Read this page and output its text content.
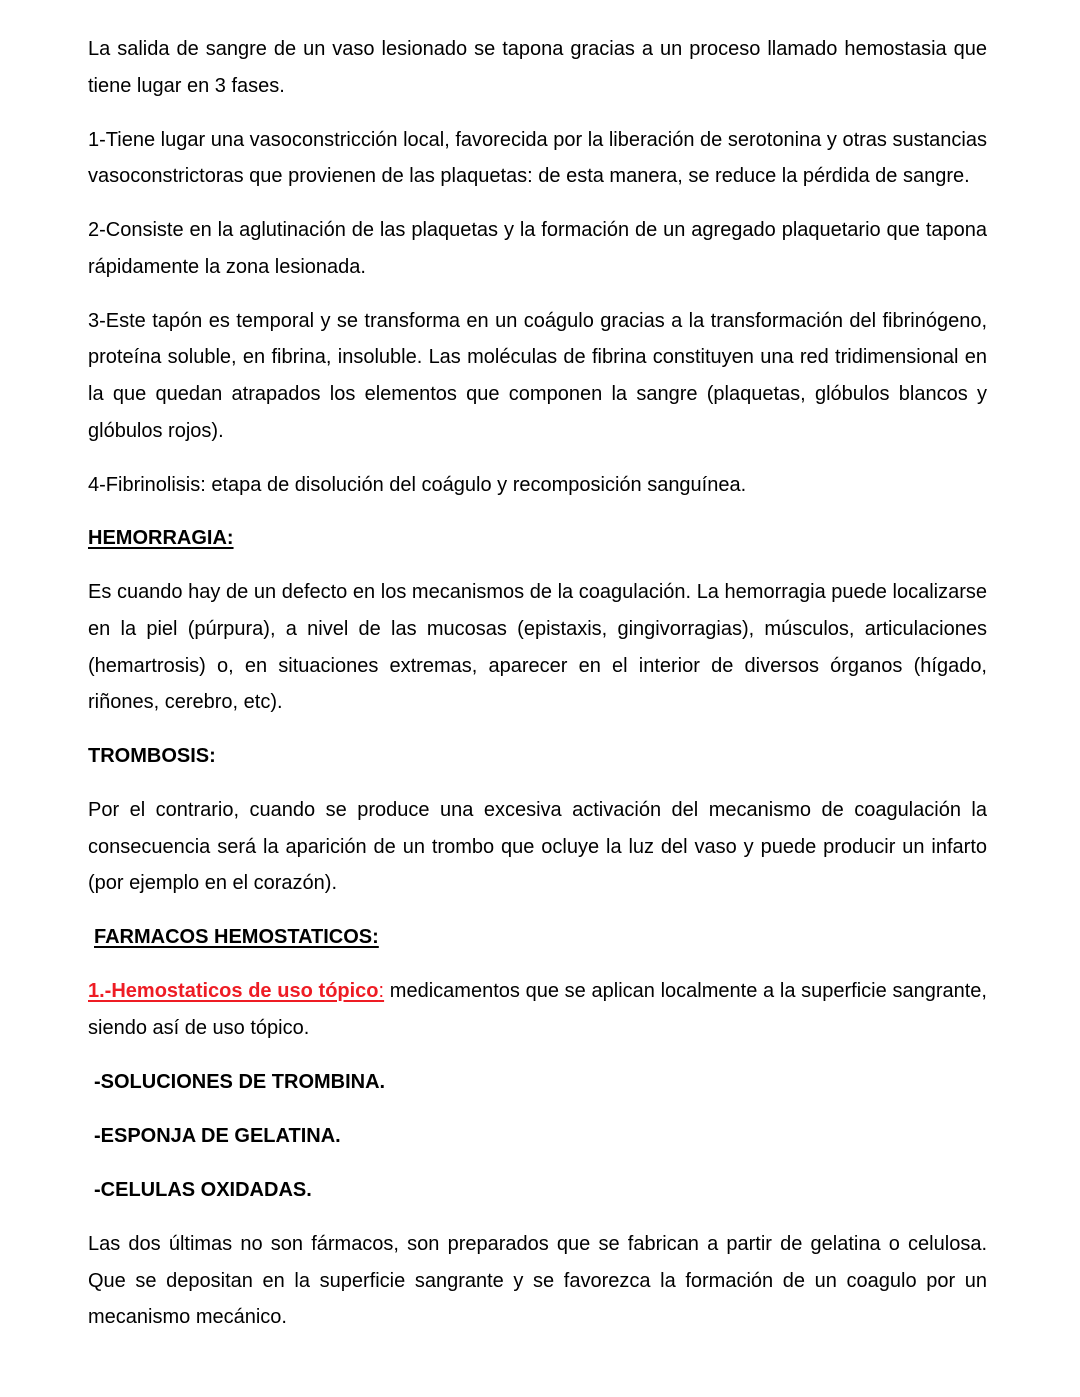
La salida de sangre de un vaso lesionado se tapona gracias a un proceso llamado hemostasia que tiene lugar en 3 fases.

1-Tiene lugar una vasoconstricción local, favorecida por la liberación de serotonina y otras sustancias vasoconstrictoras que provienen de las plaquetas: de esta manera, se reduce la pérdida de sangre.

2-Consiste en la aglutinación de las plaquetas y la formación de un agregado plaquetario que tapona rápidamente la zona lesionada.

3-Este tapón es temporal y se transforma en un coágulo gracias a la transformación del fibrinógeno, proteína soluble, en fibrina, insoluble. Las moléculas de fibrina constituyen una red tridimensional en la que quedan atrapados los elementos que componen la sangre (plaquetas, glóbulos blancos y glóbulos rojos).

4-Fibrinolisis: etapa de disolución del coágulo y recomposición sanguínea.

HEMORRAGIA:

Es cuando hay de un defecto en los mecanismos de la coagulación. La hemorragia puede localizarse en la piel (púrpura), a nivel de las mucosas (epistaxis, gingivorragias), músculos, articulaciones (hemartrosis) o, en situaciones extremas, aparecer en el interior de diversos órganos (hígado, riñones, cerebro, etc).

TROMBOSIS:

Por el contrario, cuando se produce una excesiva activación del mecanismo de coagulación la consecuencia será la aparición de un trombo que ocluye la luz del vaso y puede producir un infarto (por ejemplo en el corazón).

FARMACOS HEMOSTATICOS:

1.-Hemostaticos de uso tópico: medicamentos que se aplican localmente a la superficie sangrante, siendo así de uso tópico.

-SOLUCIONES DE TROMBINA.

-ESPONJA DE GELATINA.

-CELULAS OXIDADAS.

Las dos últimas no son fármacos, son preparados que se fabrican a partir de gelatina o celulosa. Que se depositan en la superficie sangrante y se favorezca la formación de un coagulo por un mecanismo mecánico.
